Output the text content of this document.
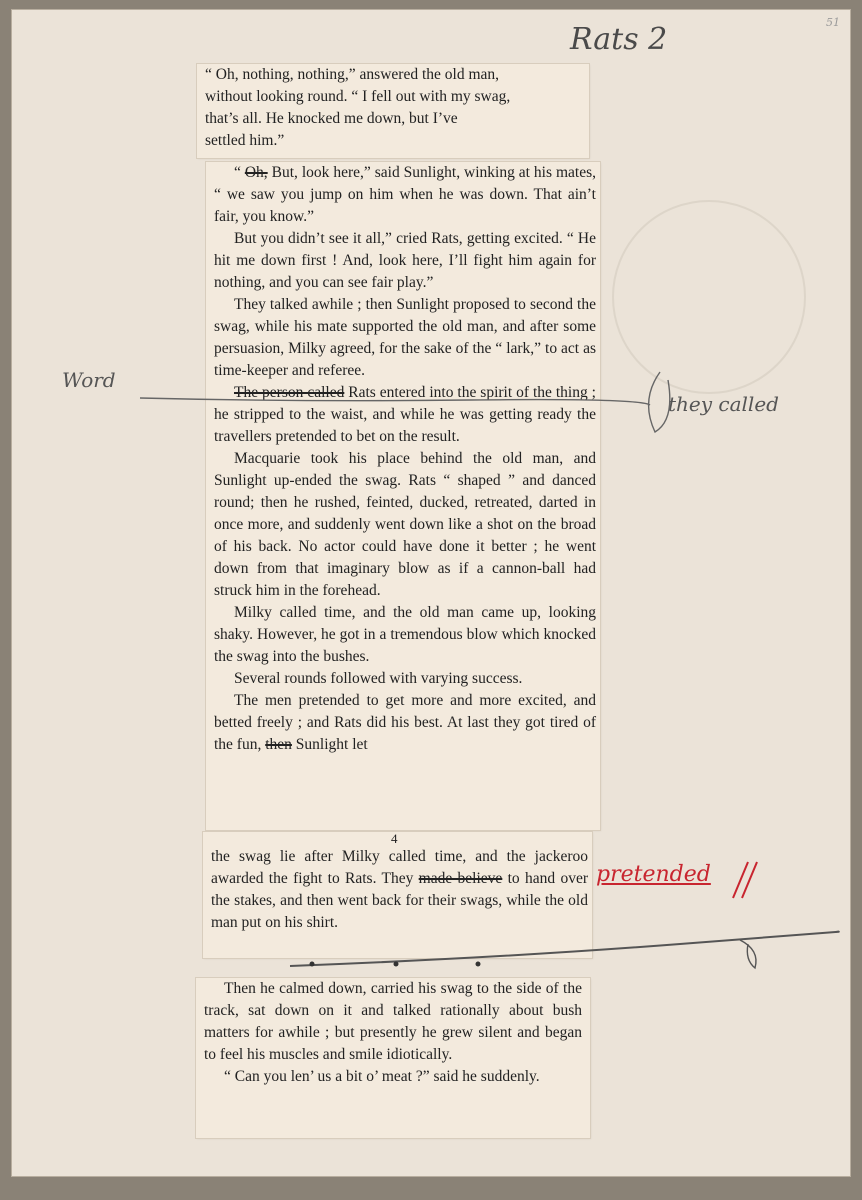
Rats 2	51
Word
they called
pretended

“ Oh, nothing, nothing,” answered the old man,

without looking round. “ I fell out with my swag,

that’s all. He knocked me down, but I’ve

settled him.”

“ Oh, But, look here,” said Sunlight, winking at his mates, “ we saw you jump on him when he was down. That ain’t fair, you know.”

But you didn’t see it all,” cried Rats, getting excited. “ He hit me down first ! And, look here, I’ll fight him again for nothing, and you can see fair play.”

They talked awhile ; then Sunlight proposed to second the swag, while his mate supported the old man, and after some persuasion, Milky agreed, for the sake of the “ lark,” to act as time-keeper and referee.

The person called Rats entered into the spirit of the thing ; he stripped to the waist, and while he was getting ready the travellers pretended to bet on the result.

Macquarie took his place behind the old man, and Sunlight up-ended the swag. Rats “ shaped ” and danced round; then he rushed, feinted, ducked, retreated, darted in once more, and suddenly went down like a shot on the broad of his back. No actor could have done it better ; he went down from that imaginary blow as if a cannon-ball had struck him in the forehead.

Milky called time, and the old man came up, looking shaky. However, he got in a tremendous blow which knocked the swag into the bushes.

Several rounds followed with varying success.

The men pretended to get more and more excited, and betted freely ; and Rats did his best. At last they got tired of the fun, then Sunlight let

4

the swag lie after Milky called time, and the jackeroo awarded the fight to Rats. They made believe to hand over the stakes, and then went back for their swags, while the old man put on his shirt.

Then he calmed down, carried his swag to the side of the track, sat down on it and talked rationally about bush matters for awhile ; but presently he grew silent and began to feel his muscles and smile idiotically.

“ Can you len’ us a bit o’ meat ?” said he suddenly.
